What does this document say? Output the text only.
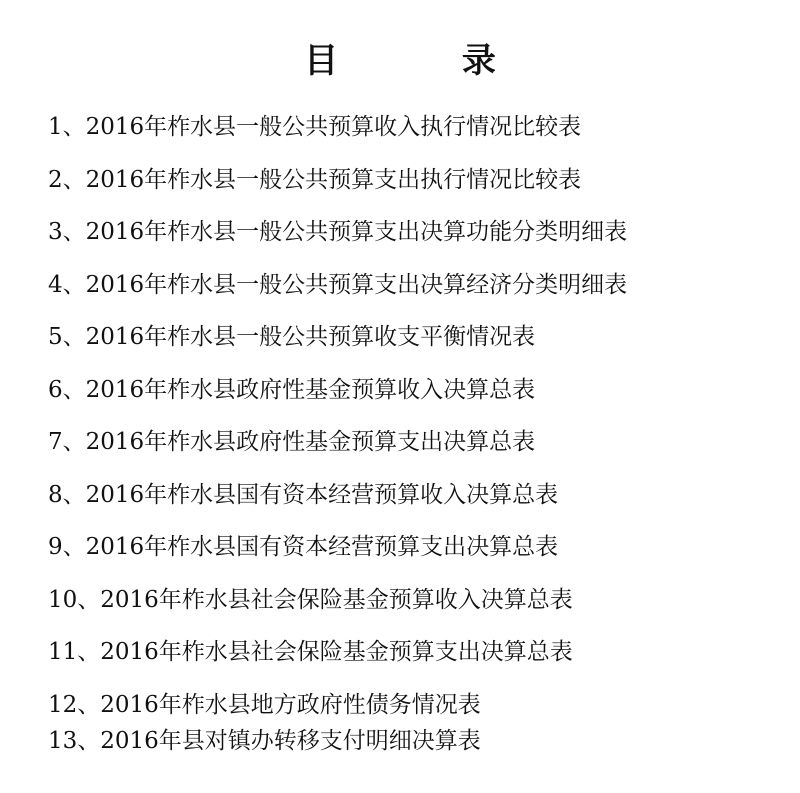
目 录
1、2016年柞水县一般公共预算收入执行情况比较表
2、2016年柞水县一般公共预算支出执行情况比较表
3、2016年柞水县一般公共预算支出决算功能分类明细表
4、2016年柞水县一般公共预算支出决算经济分类明细表
5、2016年柞水县一般公共预算收支平衡情况表
6、2016年柞水县政府性基金预算收入决算总表
7、2016年柞水县政府性基金预算支出决算总表
8、2016年柞水县国有资本经营预算收入决算总表
9、2016年柞水县国有资本经营预算支出决算总表
10、2016年柞水县社会保险基金预算收入决算总表
11、2016年柞水县社会保险基金预算支出决算总表
12、2016年柞水县地方政府性债务情况表
13、2016年县对镇办转移支付明细决算表
